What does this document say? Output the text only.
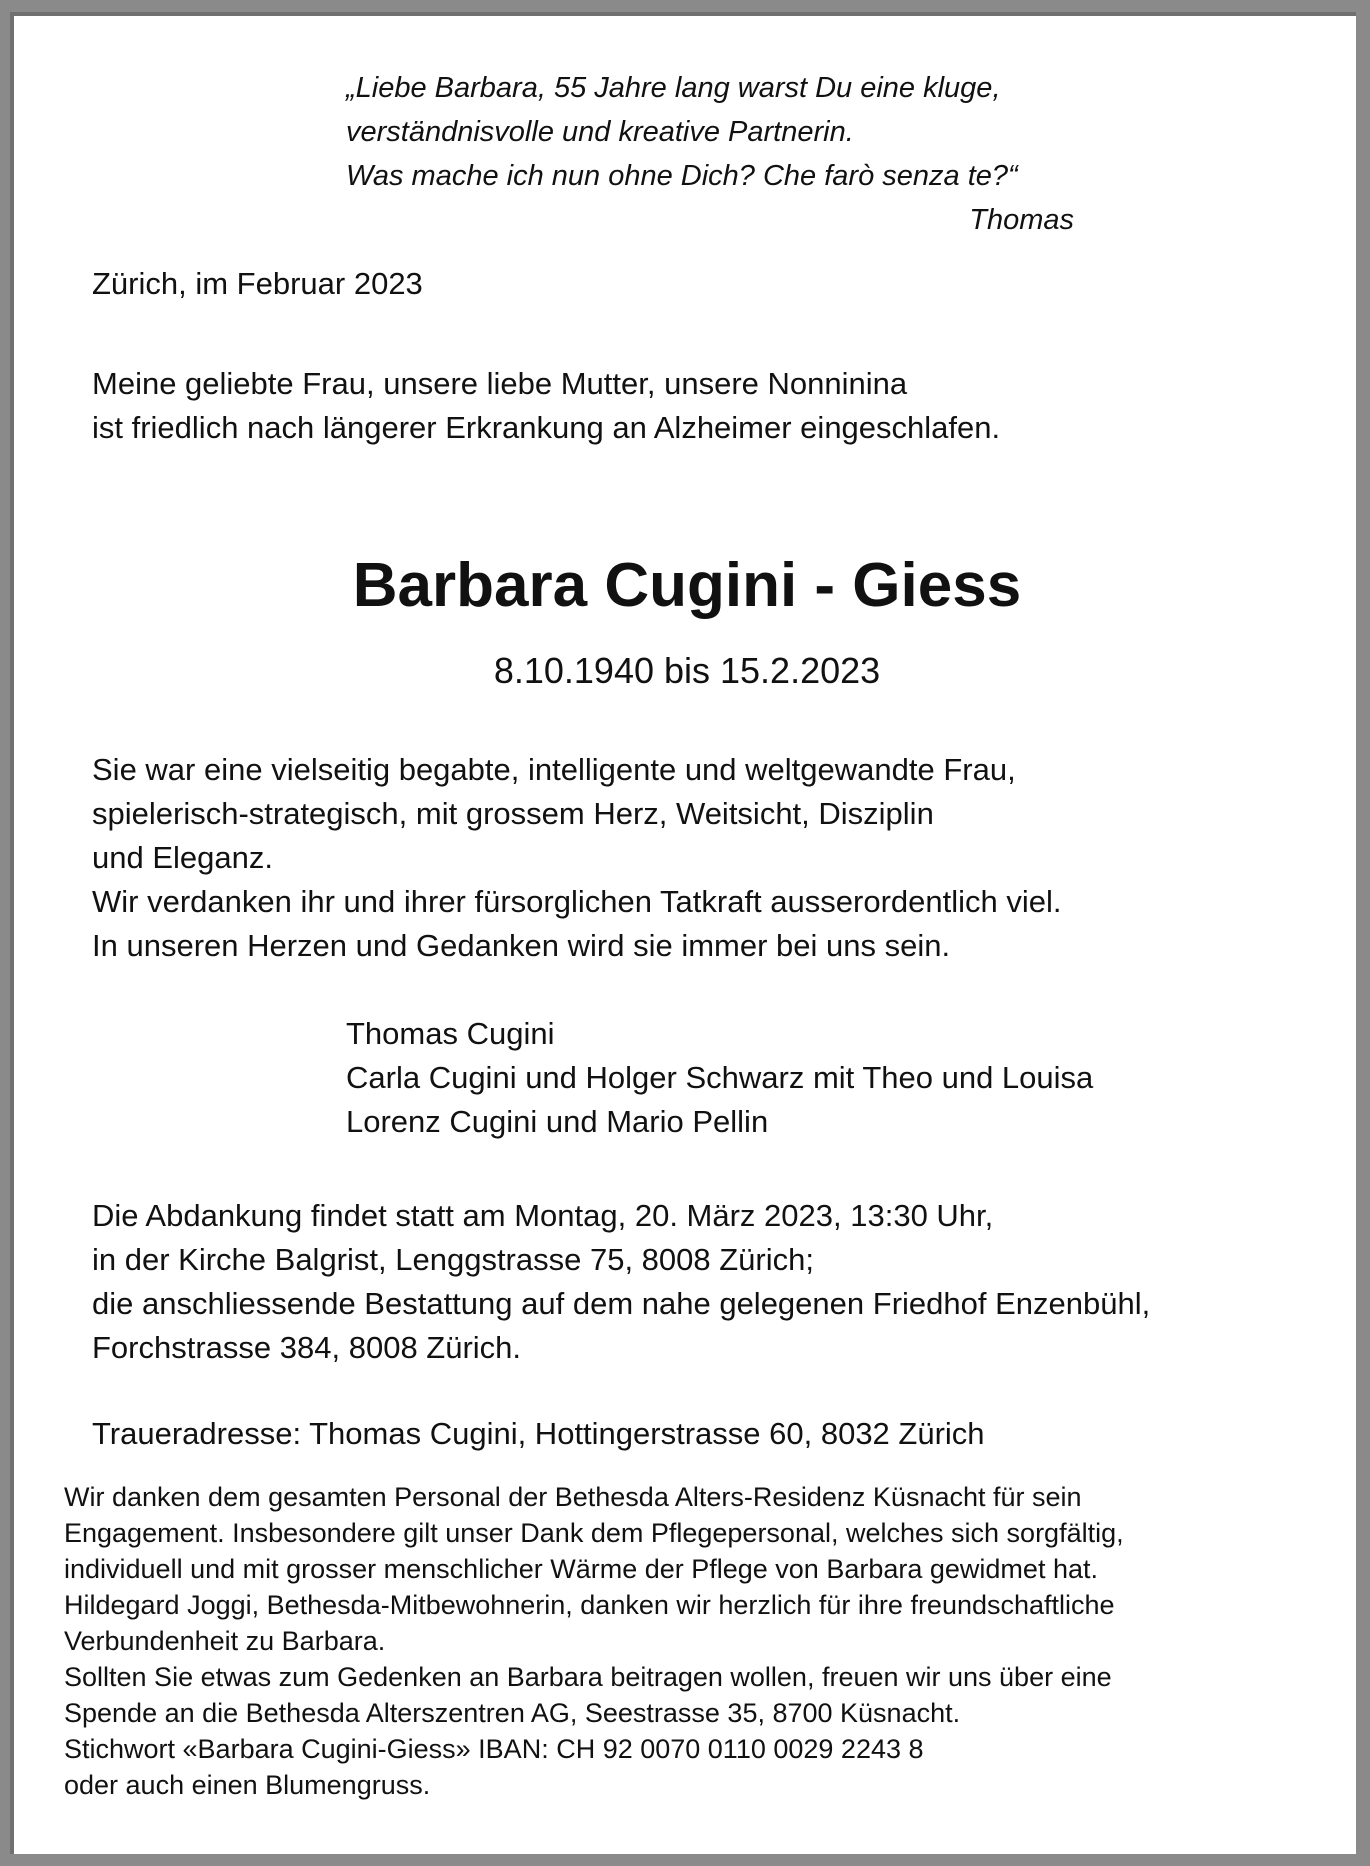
„Liebe Barbara, 55 Jahre lang warst Du eine kluge,
verständnisvolle und kreative Partnerin.
Was mache ich nun ohne Dich? Che farò senza te?“
Thomas
Zürich, im Februar 2023
Meine geliebte Frau, unsere liebe Mutter, unsere Nonninina
ist friedlich nach längerer Erkrankung an Alzheimer eingeschlafen.
Barbara Cugini - Giess
8.10.1940 bis 15.2.2023
Sie war eine vielseitig begabte, intelligente und weltgewandte Frau,
spielerisch-strategisch, mit grossem Herz, Weitsicht, Disziplin
und Eleganz.
Wir verdanken ihr und ihrer fürsorglichen Tatkraft ausserordentlich viel.
In unseren Herzen und Gedanken wird sie immer bei uns sein.
Thomas Cugini
Carla Cugini und Holger Schwarz mit Theo und Louisa
Lorenz Cugini und Mario Pellin
Die Abdankung findet statt am Montag, 20. März 2023, 13:30 Uhr,
in der Kirche Balgrist, Lenggstrasse 75, 8008 Zürich;
die anschliessende Bestattung auf dem nahe gelegenen Friedhof Enzenbühl,
Forchstrasse 384, 8008 Zürich.
Traueradresse: Thomas Cugini, Hottingerstrasse 60, 8032 Zürich
Wir danken dem gesamten Personal der Bethesda Alters-Residenz Küsnacht für sein
Engagement. Insbesondere gilt unser Dank dem Pflegepersonal, welches sich sorgfältig,
individuell und mit grosser menschlicher Wärme der Pflege von Barbara gewidmet hat.
Hildegard Joggi, Bethesda-Mitbewohnerin, danken wir herzlich für ihre freundschaftliche
Verbundenheit zu Barbara.
Sollten Sie etwas zum Gedenken an Barbara beitragen wollen, freuen wir uns über eine
Spende an die Bethesda Alterszentren AG, Seestrasse 35, 8700 Küsnacht.
Stichwort «Barbara Cugini-Giess» IBAN: CH 92 0070 0110 0029 2243 8
oder auch einen Blumengruss.
